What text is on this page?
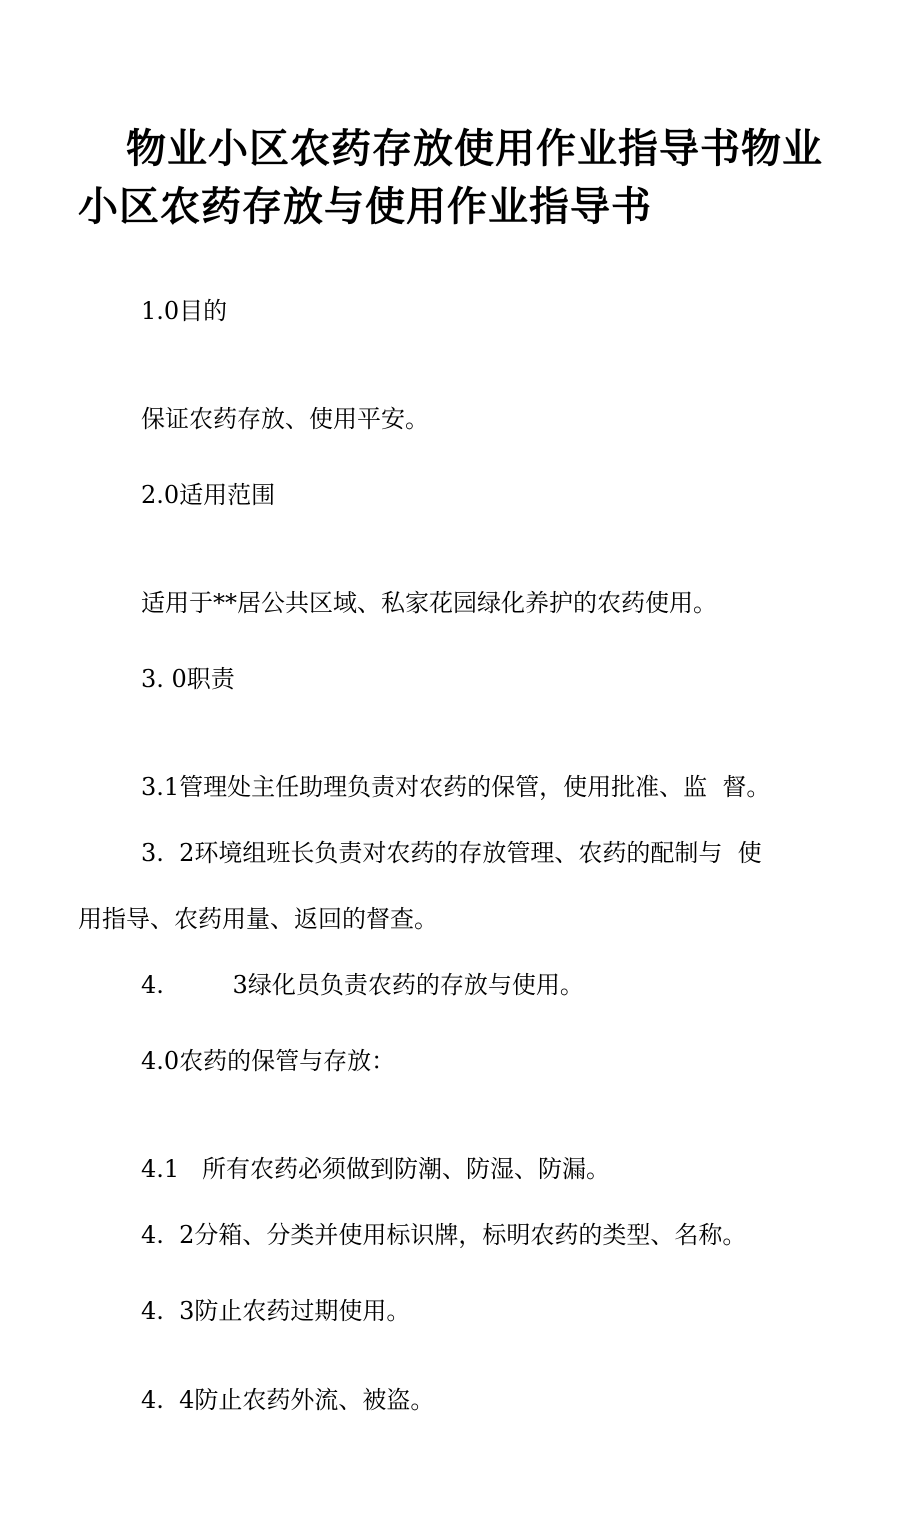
物业小区农药存放使用作业指导书物业小区农药存放与使用作业指导书

1.0目的

保证农药存放、使用平安。

2.0适用范围

适用于**居公共区域、私家花园绿化养护的农药使用。

3. 0职责

3.1管理处主任助理负责对农药的保管，使用批准、监  督。

3.  2环境组班长负责对农药的存放管理、农药的配制与  使

用指导、农药用量、返回的督查。

4.         3绿化员负责农药的存放与使用。

4.0农药的保管与存放：

4.1   所有农药必须做到防潮、防湿、防漏。

4.  2分箱、分类并使用标识牌，标明农药的类型、名称。

4.  3防止农药过期使用。

4.  4防止农药外流、被盗。
